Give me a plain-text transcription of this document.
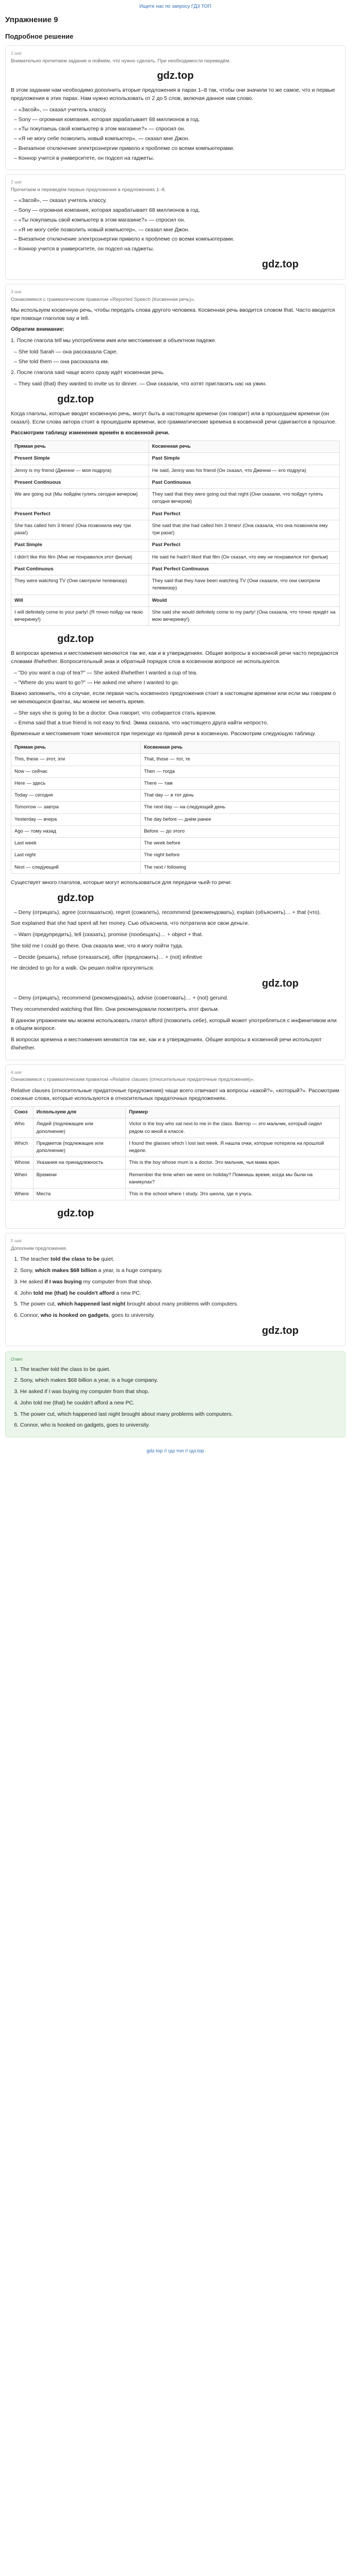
Ищите нас по запросу ГДЗ ТОП
Упражнение 9
Подробное решение
1 шаг
Внимательно прочитаем задание и поймём, что нужно сделать. При необходимости переведём.
gdz.top

В этом задании нам необходимо дополнить вторые предложения в парах 1–8 так, чтобы они значили то же самое, что и первые предложения в этих парах. Нам нужно использовать от 2 до 5 слов, включая данное нам слово.

– «Засой», — сказал учитель классу.
– Sony — огромная компания, которая зарабатывает 68 миллионов в год.
– «Ты покупаешь свой компьютер в этом магазине?» — спросил он.
– «Я не могу себе позволить новый компьютер», — сказал мне Джон.
– Внезапное отключение электроэнергии привело к проблеме со всеми компьютерами.
– Коннор учится в университете, он подсел на гаджеты.
2 шаг
Прочитаем и переведём первые предложения в предложениях 1–8.
– «Засой», — сказал учитель классу.
– Sony — огромная компания, которая зарабатывает 68 миллионов в год.
– «Ты покупаешь свой компьютер в этом магазине?» — спросил он.
– «Я не могу себе позволить новый компьютер», — сказал мне Джон.
– Внезапное отключение электроэнергии привело к проблеме со всеми компьютерами.
– Коннор учится в университете, он подсел на гаджеты.
gdz.top
3 шаг
Ознакомимся с грамматическим правилом «Reported Speech (Косвенная речь)».

Мы используем косвенную речь, чтобы передать слова другого человека. Косвенная речь вводится словом that. Часто вводится при помощи глаголов say и tell.

Обратим внимание:

1. После глагола tell мы употребляем имя или местоимение в объектном падеже.

– She told Sarah — она рассказала Саре.
– She told them — она рассказала им.

2. После глагола said чаще всего сразу идёт косвенная речь.

– They said (that) they wanted to invite us to dinner. — Они сказали, что хотят пригласить нас на ужин.
gdz.top

Когда глаголы, которые вводят косвенную речь, могут быть в настоящем времени (он говорит) или в прошедшем времени (он сказал). Если слова автора стоят в прошедшем времени, все грамматические времена в косвенной речи сдвигаются в прошлое.

Рассмотрим таблицу изменения времён в косвенной речи.

Прямая речь	Косвенная речь
Present Simple	Past Simple
Jenny is my friend (Дженни — моя подруга)	He said, Jenny was his friend (Он сказал, что Дженни — его подруга)
Present Continuous	Past Continuous
We are going out (Мы пойдём гулять сегодня вечером)	They said that they were going out that night (Они сказали, что пойдут гулять сегодня вечером)
Present Perfect	Past Perfect
She has called him 3 times! (Она позвонила ему три раза!)	She said that she had called him 3 times! (Она сказала, что она позвонила ему три раза!)
Past Simple	Past Perfect
I didn't like this film (Мне не понравился этот фильм)	He said he hadn't liked that film (Он сказал, что ему не понравился тот фильм)
Past Continuous	Past Perfect Continuous
They were watching TV (Они смотрели телевизор)	They said that they have been watching TV (Они сказали, что они смотрели телевизор)
Will	Would
I will definitely come to your party! (Я точно пойду на твою вечеринку!)	She said she would definitely come to my party! (Она сказала, что точно придёт на мою вечеринку!)
gdz.top

В вопросах времена и местоимения меняются так же, как и в утверждениях. Общие вопросы в косвенной речи часто передаются словами if/whether. Вопросительный знак и обратный порядок слов в косвенном вопросе не используются.

– "Do you want a cup of tea?" — She asked if/whether I wanted a cup of tea.
– "Where do you want to go?" — He asked me where I wanted to go.

Важно запомнить, что в случае, если первая часть косвенного предложения стоит в настоящем времени или если мы говорим о не меняющихся фактах, мы можем не менять время.

– She says she is going to be a doctor. Она говорит, что собирается стать врачом.
– Emma said that a true friend is not easy to find. Эмма сказала, что настоящего друга найти непросто.

Временные и местоимения тоже меняются при переходе из прямой речи в косвенную. Рассмотрим следующую таблицу.

Прямая речь	Косвенная речь
This, these — этот, эти	That, those — тот, те
Now — сейчас	Then — тогда
Here — здесь	There — там
Today — сегодня	That day — в тот день
Tomorrow — завтра	The next day — на следующий день
Yesterday — вчера	The day before — днём ранее
Ago — тому назад	Before — до этого
Last week	The week before
Last night	The night before
Next — следующий	The next / following

Существует много глаголов, которые могут использоваться для передачи чьей-то речи:

gdz.top
– Deny (отрицать), agree (соглашаться), regret (сожалеть), recommend (рекомендовать), explain (объяснять)… + that (что).

Sue explained that she had spent all her money. Сью объяснила, что потратила все свои деньги.

– Warn (предупредить), tell (сказать), promise (пообещать)… + object + that.

She told me I could go there. Она сказала мне, что я могу пойти туда.

– Decide (решить), refuse (отказаться), offer (предложить)… + (not) infinitive

He decided to go for a walk. Он решил пойти прогуляться.

gdz.top
– Deny (отрицать), recommend (рекомендовать), advise (советовать)… + (not) gerund.

They recommended watching that film. Они рекомендовали посмотреть этот фильм.

В данном упражнении мы можем использовать глагол afford (позволить себе), который может употребляться с инфинитивом или в общем вопросе.

В вопросах времена и местоимения меняются так же, как и в утверждениях. Общие вопросы в косвенной речи используют if/whether.

4 шаг
Ознакомимся с грамматическим правилом «Relative clauses (относительные придаточные предложения)».

Relative clauses (относительные придаточные предложения) чаще всего отвечают на вопросы «какой?», «который?». Рассмотрим союзные слова, которые используются в относительных придаточных предложениях.

Союз	Используем для	Пример
Who	Людей (подлежащее или дополнение)	Victor is the boy who sat next to me in the class. Виктор — это мальчик, который сидел рядом со мной в классе.
Which	Предметов (подлежащее или дополнение)	I found the glasses which I lost last week. Я нашла очки, которые потеряла на прошлой неделе.
Whose	Указания на принадлежность	This is the boy whose mum is a doctor. Это мальчик, чья мама врач.
When	Времени	Remember the time when we were on holiday? Помнишь время, когда мы были на каникулах?
Where	Места	This is the school where I study. Это школа, где я учусь.
gdz.top
5 шаг
Дополним предложения.
1. The teacher told the class to be quiet.
2. Sony, which makes $68 billion a year, is a huge company.
3. He asked if I was buying my computer from that shop.
4. John told me (that) he couldn't afford a new PC.
5. The power cut, which happened last night brought about many problems with computers.
6. Connor, who is hooked on gadgets, goes to university.
gdz.top
Ответ
1. The teacher told the class to be quiet.
2. Sony, which makes $68 billion a year, is a huge company.
3. He asked if I was buying my computer from that shop.
4. John told me (that) he couldn't afford a new PC.
5. The power cut, which happened last night brought about many problems with computers.
6. Connor, who is hooked on gadgets, goes to university.
gdz.top // гдз топ // гдз.top
